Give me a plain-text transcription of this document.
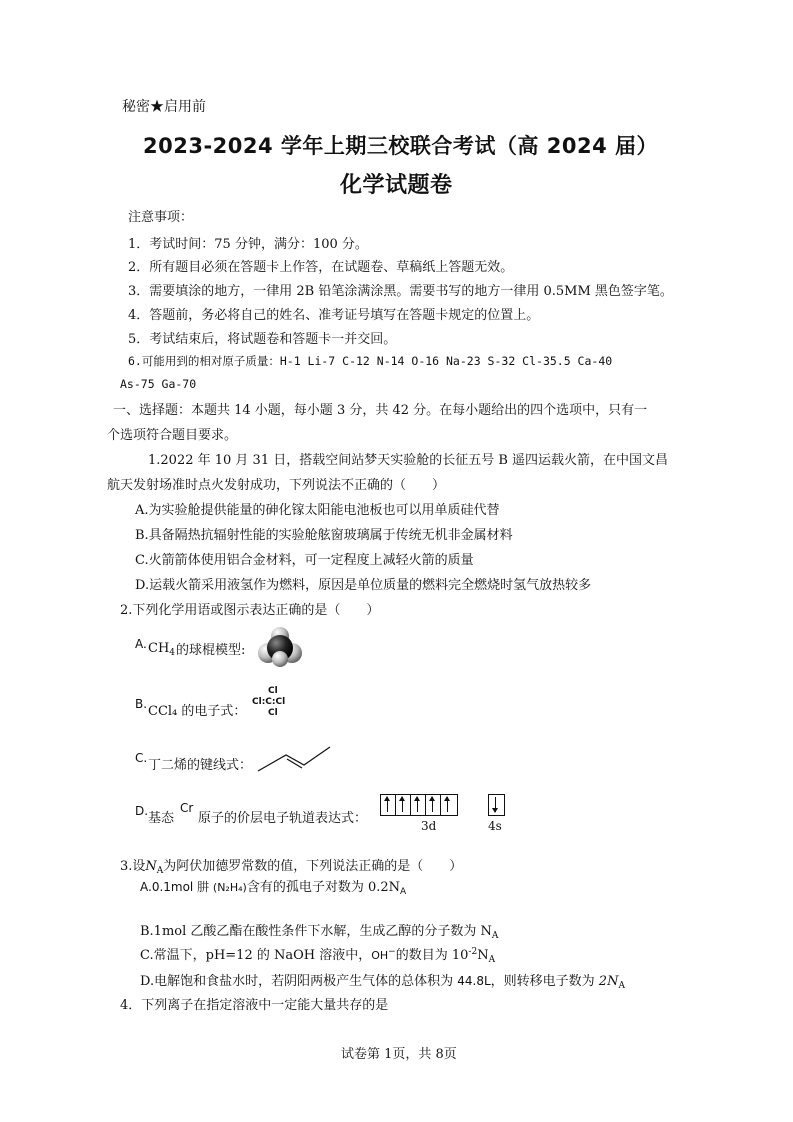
秘密★启用前
2023-2024 学年上期三校联合考试（高 2024 届）
化学试题卷
注意事项：
1．考试时间：75 分钟，满分：100 分。
2．所有题目必须在答题卡上作答，在试题卷、草稿纸上答题无效。
3．需要填涂的地方，一律用 2B 铅笔涂满涂黑。需要书写的地方一律用 0.5MM 黑色签字笔。
4．答题前，务必将自己的姓名、准考证号填写在答题卡规定的位置上。
5．考试结束后，将试题卷和答题卡一并交回。
6.可能用到的相对原子质量：H-1 Li-7 C-12 N-14 O-16 Na-23 S-32 Cl-35.5 Ca-40
As-75 Ga-70
一、选择题：本题共 14 小题，每小题 3 分，共 42 分。在每小题给出的四个选项中，只有一
个选项符合题目要求。
1.2022 年 10 月 31 日，搭载空间站梦天实验舱的长征五号 B 遥四运载火箭，在中国文昌
航天发射场准时点火发射成功，下列说法不正确的（　　）
A.为实验舱提供能量的砷化镓太阳能电池板也可以用单质硅代替
B.具备隔热抗辐射性能的实验舱舷窗玻璃属于传统无机非金属材料
C.火箭箭体使用铝合金材料，可一定程度上减轻火箭的质量
D.运载火箭采用液氢作为燃料，原因是单位质量的燃料完全燃烧时氢气放热较多
2.下列化学用语或图示表达正确的是（　　）
A. $CH_4$ 的球棍模型:
B. CCl₄ 的电子式：
Cl
Cl:C:Cl
Cl
C. 丁二烯的键线式：
D. 基态
Cr
原子的价层电子轨道表达式：	3d	4s
3.设$N_A$为阿伏加德罗常数的值，下列说法正确的是（　　）
A.0.1mol 肼 (N₂H₄)含有的孤电子对数为 $0.2N_A$
B.1mol 乙酸乙酯在酸性条件下水解，生成乙醇的分子数为 $N_A$
C.常温下，pH=12 的 NaOH 溶液中，OH−的数目为 $10^{-2}N_A$
D.电解饱和食盐水时，若阴阳两极产生气体的总体积为 44.8L，则转移电子数为 $2N_A$
4．下列离子在指定溶液中一定能大量共存的是
试卷第 1页，共 8页
